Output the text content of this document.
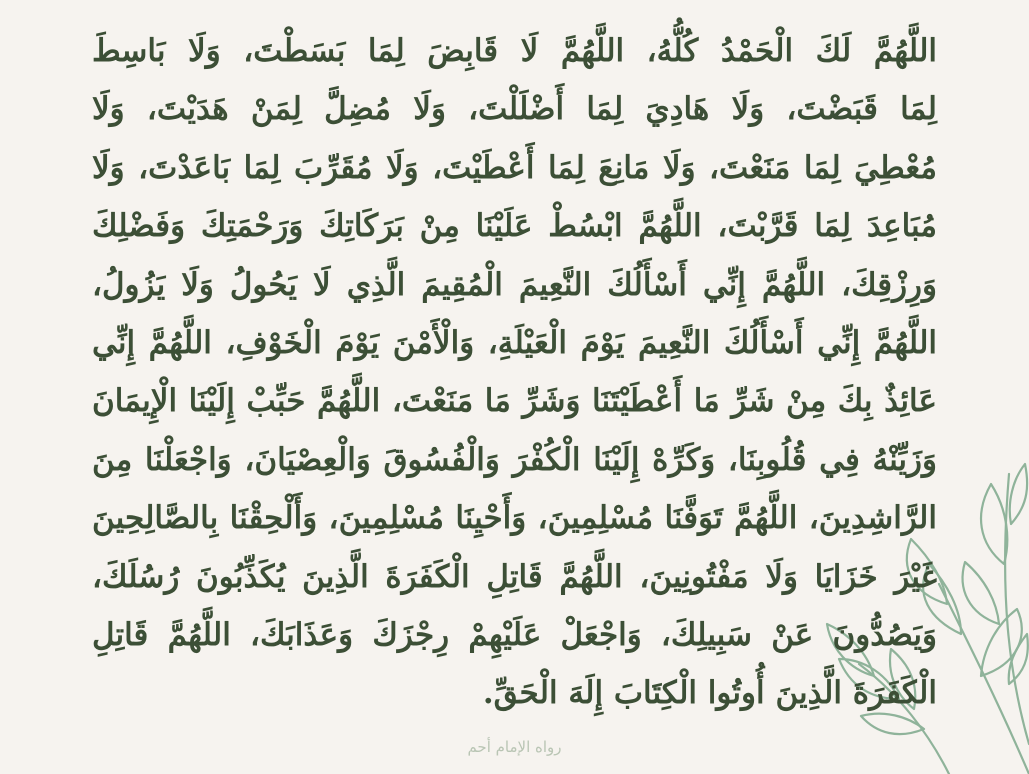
اللَّهُمَّ لَكَ الْحَمْدُ كُلُّهُ، اللَّهُمَّ لَا قَابِضَ لِمَا بَسَطْتَ، وَلَا بَاسِطَ
لِمَا قَبَضْتَ، وَلَا هَادِيَ لِمَا أَضْلَلْتَ، وَلَا مُضِلَّ لِمَنْ هَدَيْتَ، وَلَا
مُعْطِيَ لِمَا مَنَعْتَ، وَلَا مَانِعَ لِمَا أَعْطَيْتَ، وَلَا مُقَرِّبَ لِمَا بَاعَدْتَ، وَلَا
مُبَاعِدَ لِمَا قَرَّبْتَ، اللَّهُمَّ ابْسُطْ عَلَيْنَا مِنْ بَرَكَاتِكَ وَرَحْمَتِكَ وَفَضْلِكَ
وَرِزْقِكَ، اللَّهُمَّ إِنِّي أَسْأَلُكَ النَّعِيمَ الْمُقِيمَ الَّذِي لَا يَحُولُ وَلَا يَزُولُ،
اللَّهُمَّ إِنِّي أَسْأَلُكَ النَّعِيمَ يَوْمَ الْعَيْلَةِ، وَالْأَمْنَ يَوْمَ الْخَوْفِ، اللَّهُمَّ إِنِّي
عَائِذٌ بِكَ مِنْ شَرِّ مَا أَعْطَيْتَنَا وَشَرِّ مَا مَنَعْتَ، اللَّهُمَّ حَبِّبْ إِلَيْنَا الْإِيمَانَ
وَزَيِّنْهُ فِي قُلُوبِنَا، وَكَرِّهْ إِلَيْنَا الْكُفْرَ وَالْفُسُوقَ وَالْعِصْيَانَ، وَاجْعَلْنَا مِنَ
الرَّاشِدِينَ، اللَّهُمَّ تَوَفَّنَا مُسْلِمِينَ، وَأَحْيِنَا مُسْلِمِينَ، وَأَلْحِقْنَا بِالصَّالِحِينَ
غَيْرَ خَزَايَا وَلَا مَفْتُونِينَ، اللَّهُمَّ قَاتِلِ الْكَفَرَةَ الَّذِينَ يُكَذِّبُونَ رُسُلَكَ،
وَيَصُدُّونَ عَنْ سَبِيلِكَ، وَاجْعَلْ عَلَيْهِمْ رِجْزَكَ وَعَذَابَكَ، اللَّهُمَّ قَاتِلِ
الْكَفَرَةَ الَّذِينَ أُوتُوا الْكِتَابَ إِلَهَ الْحَقِّ.
رواه الإمام أحم
